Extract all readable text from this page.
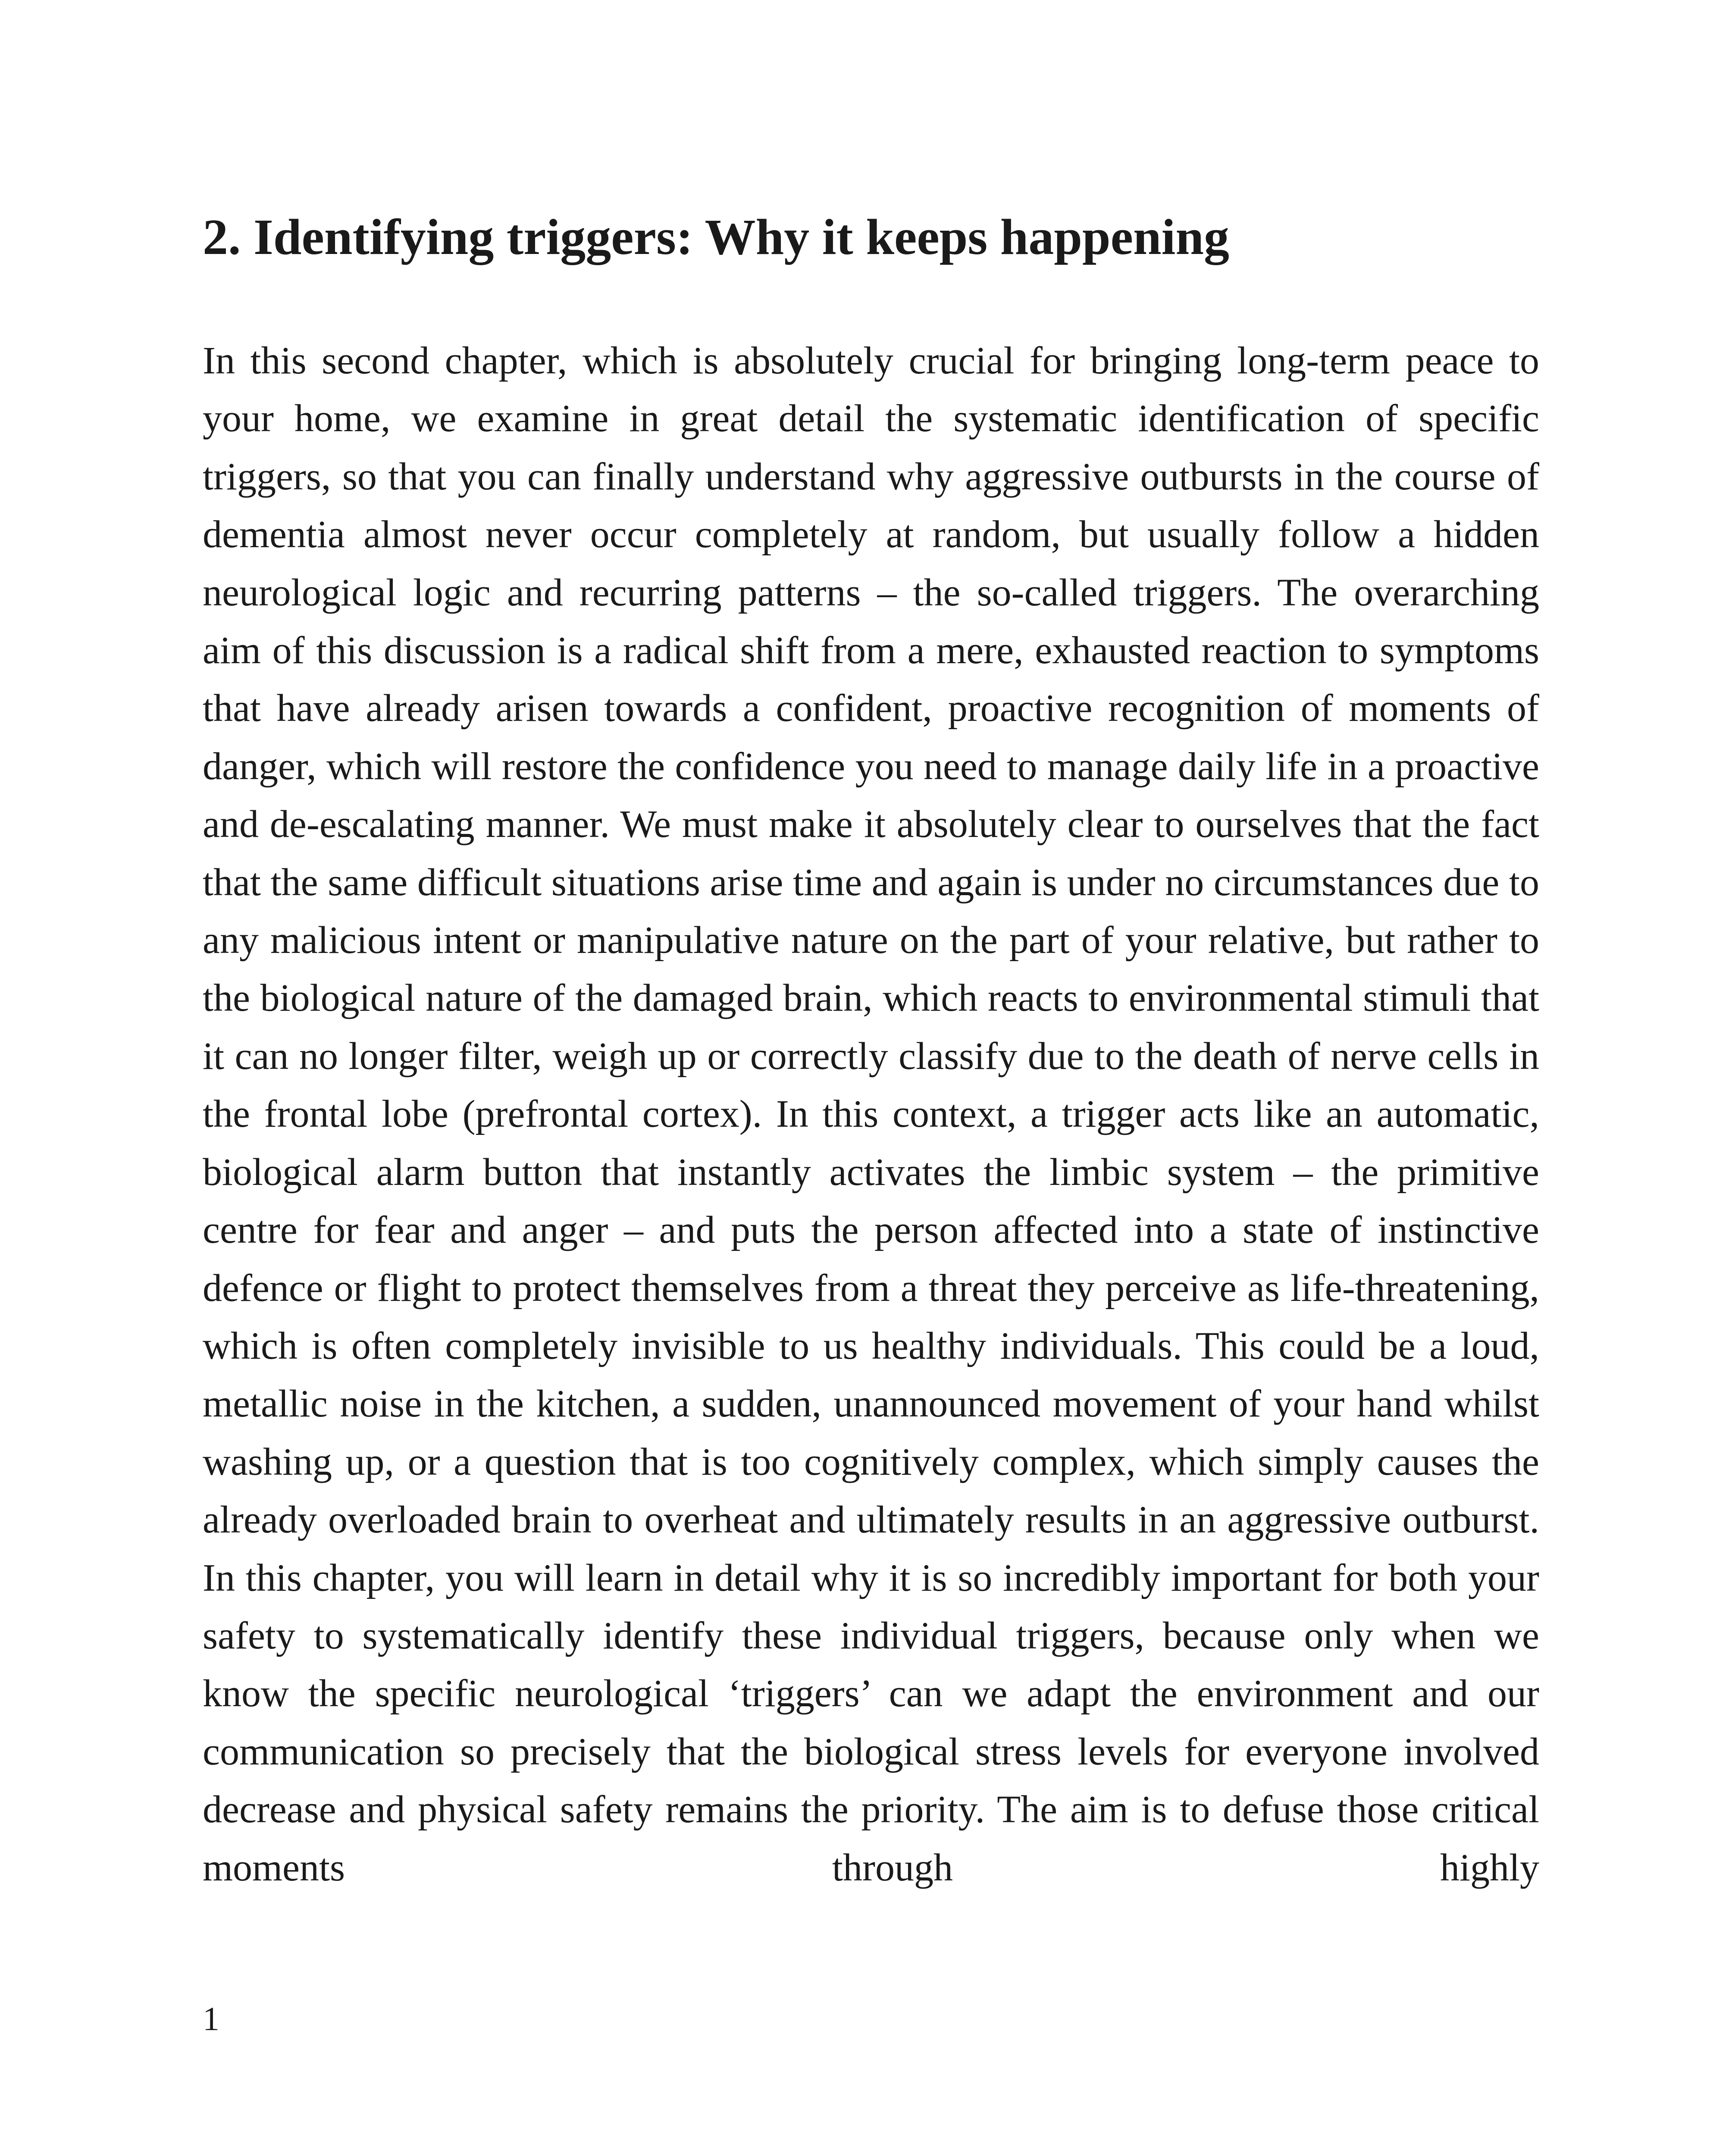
2. Identifying triggers: Why it keeps happening

In this second chapter, which is absolutely crucial for bringing long-term peace to your home, we examine in great detail the systematic identification of specific triggers, so that you can finally understand why aggressive outbursts in the course of dementia almost never occur completely at random, but usually follow a hidden neurological logic and recurring patterns – the so-called triggers. The overarching aim of this discussion is a radical shift from a mere, exhausted reaction to symptoms that have already arisen towards a confident, proactive recognition of moments of danger, which will restore the confidence you need to manage daily life in a proactive and de-escalating manner. We must make it absolutely clear to ourselves that the fact that the same difficult situations arise time and again is under no circumstances due to any malicious intent or manipulative nature on the part of your relative, but rather to the biological nature of the damaged brain, which reacts to environmental stimuli that it can no longer filter, weigh up or correctly classify due to the death of nerve cells in the frontal lobe (prefrontal cortex). In this context, a trigger acts like an automatic, biological alarm button that instantly activates the limbic system – the primitive centre for fear and anger – and puts the person affected into a state of instinctive defence or flight to protect themselves from a threat they perceive as life-threatening, which is often completely invisible to us healthy individuals. This could be a loud, metallic noise in the kitchen, a sudden, unannounced movement of your hand whilst washing up, or a question that is too cognitively complex, which simply causes the already overloaded brain to overheat and ultimately results in an aggressive outburst. In this chapter, you will learn in detail why it is so incredibly important for both your safety to systematically identify these individual triggers, because only when we know the specific neurological ‘triggers’ can we adapt the environment and our communication so precisely that the biological stress levels for everyone involved decrease and physical safety remains the priority. The aim is to defuse those critical moments through highly

1
